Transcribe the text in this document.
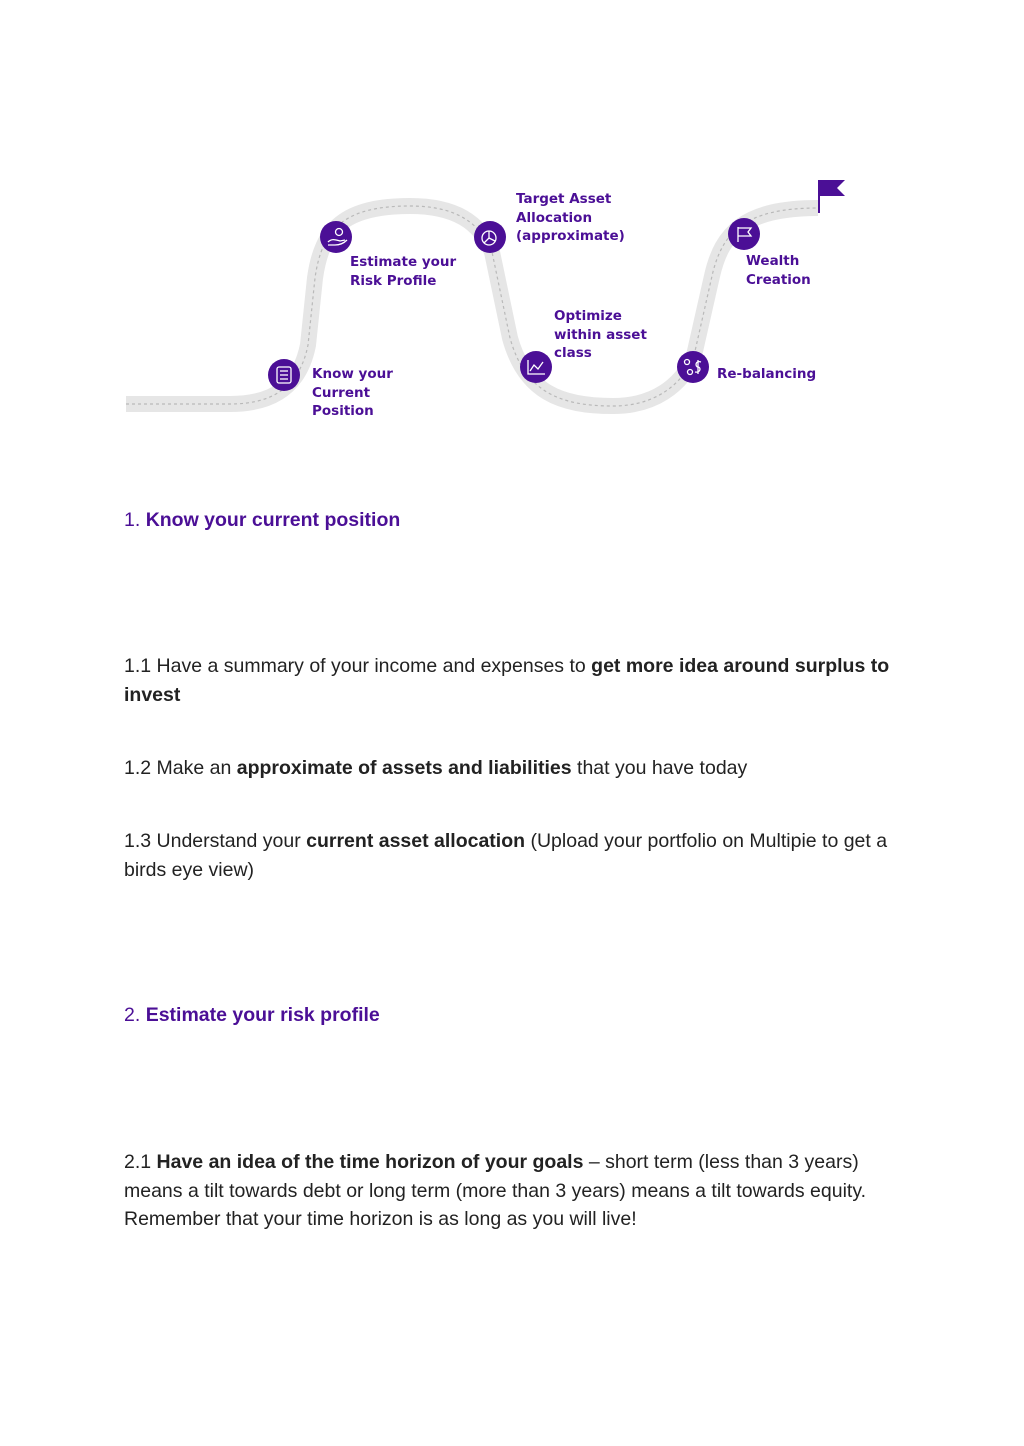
Know your
Current
Position
Estimate your
Risk Profile
Target Asset
Allocation
(approximate)
Optimize
within asset
class
Re-balancing
Wealth
Creation
1. Know your current position
1.1 Have a summary of your income and expenses to get more idea around surplus to invest
1.2 Make an approximate of assets and liabilities that you have today
1.3 Understand your current asset allocation (Upload your portfolio on Multipie to get a birds eye view)
2. Estimate your risk profile
2.1 Have an idea of the time horizon of your goals – short term (less than 3 years) means a tilt towards debt or long term (more than 3 years) means a tilt towards equity. Remember that your time horizon is as long as you will live!
